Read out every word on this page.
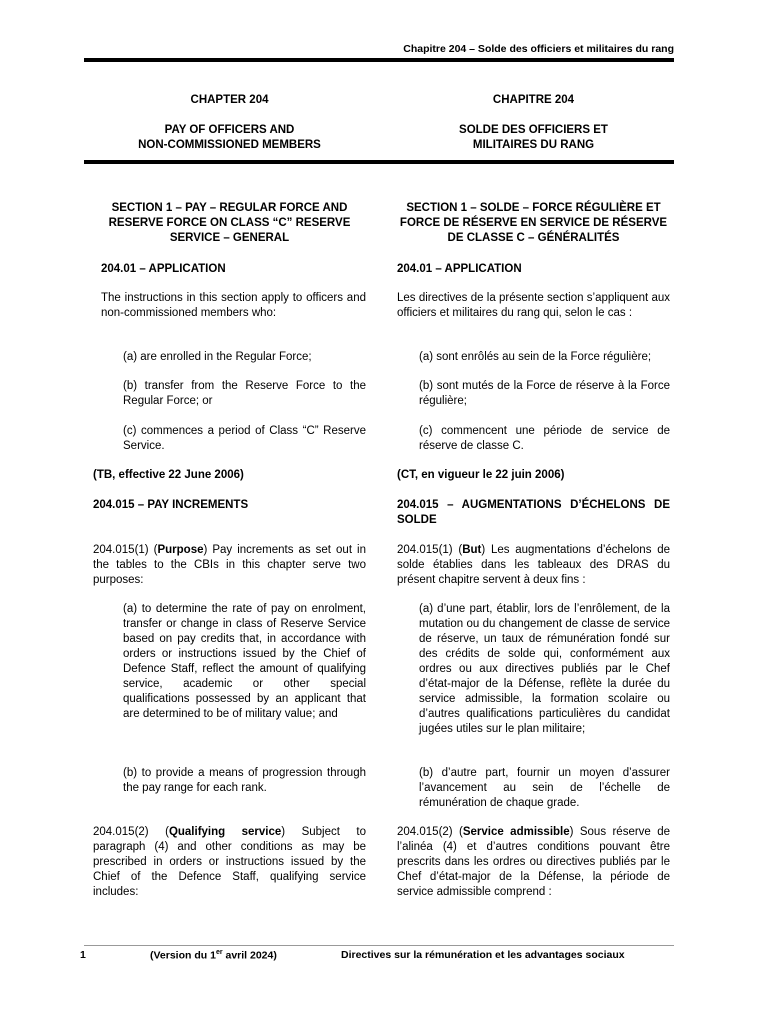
Chapitre 204 – Solde des officiers et militaires du rang
CHAPTER 204	CHAPITRE 204
PAY OF OFFICERS AND
NON-COMMISSIONED MEMBERS
SOLDE DES OFFICIERS ET
MILITAIRES DU RANG
SECTION 1 – PAY – REGULAR FORCE AND RESERVE FORCE ON CLASS “C” RESERVE SERVICE – GENERAL
SECTION 1 – SOLDE – FORCE RÉGULIÈRE ET FORCE DE RÉSERVE EN SERVICE DE RÉSERVE DE CLASSE C – GÉNÉRALITÉS
204.01 – APPLICATION	204.01 – APPLICATION
The instructions in this section apply to officers and non-commissioned members who:
Les directives de la présente section s’appliquent aux officiers et militaires du rang qui, selon le cas :
(a) are enrolled in the Regular Force;	(a) sont enrôlés au sein de la Force régulière;
(b) transfer from the Reserve Force to the Regular Force; or
(b) sont mutés de la Force de réserve à la Force régulière;
(c) commences a period of Class “C” Reserve Service.
(c) commencent une période de service de réserve de classe C.
(TB, effective 22 June 2006)	(CT, en vigueur le 22 juin 2006)
204.015 – PAY INCREMENTS	204.015 – AUGMENTATIONS D’ÉCHELONS DE SOLDE
204.015(1) (Purpose) Pay increments as set out in the tables to the CBIs in this chapter serve two purposes:
204.015(1) (But) Les augmentations d’échelons de solde établies dans les tableaux des DRAS du présent chapitre servent à deux fins :
(a) to determine the rate of pay on enrolment, transfer or change in class of Reserve Service based on pay credits that, in accordance with orders or instructions issued by the Chief of Defence Staff, reflect the amount of qualifying service, academic or other special qualifications possessed by an applicant that are determined to be of military value; and
(a) d’une part, établir, lors de l’enrôlement, de la mutation ou du changement de classe de service de réserve, un taux de rémunération fondé sur des crédits de solde qui, conformément aux ordres ou aux directives publiés par le Chef d’état-major de la Défense, reflète la durée du service admissible, la formation scolaire ou d’autres qualifications particulières du candidat jugées utiles sur le plan militaire;
(b) to provide a means of progression through the pay range for each rank.
(b) d’autre part, fournir un moyen d’assurer l’avancement au sein de l’échelle de rémunération de chaque grade.
204.015(2) (Qualifying service) Subject to paragraph (4) and other conditions as may be prescribed in orders or instructions issued by the Chief of the Defence Staff, qualifying service includes:
204.015(2) (Service admissible) Sous réserve de l’alinéa (4) et d’autres conditions pouvant être prescrits dans les ordres ou directives publiés par le Chef d’état-major de la Défense, la période de service admissible comprend :
1	(Version du 1er avril 2024)	Directives sur la rémunération et les advantages sociaux
